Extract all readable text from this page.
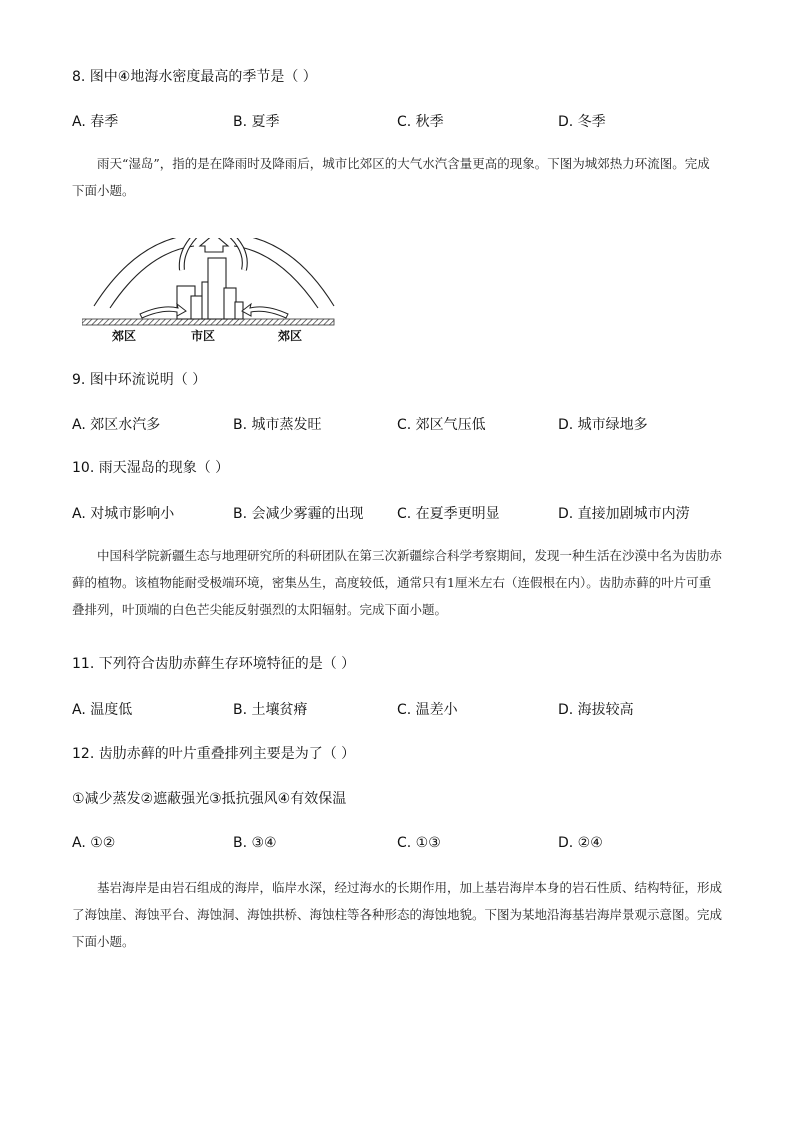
8. 图中④地海水密度最高的季节是（ ）
A. 春季	B. 夏季	C. 秋季	D. 冬季
雨天“湿岛”，指的是在降雨时及降雨后，城市比郊区的大气水汽含量更高的现象。下图为城郊热力环流图。完成下面小题。
郊区	市区	郊区
9. 图中环流说明（ ）
A. 郊区水汽多	B. 城市蒸发旺	C. 郊区气压低	D. 城市绿地多
10. 雨天湿岛的现象（ ）
A. 对城市影响小	B. 会减少雾霾的出现 C. 在夏季更明显	D. 直接加剧城市内涝
中国科学院新疆生态与地理研究所的科研团队在第三次新疆综合科学考察期间，发现一种生活在沙漠中名为齿肋赤藓的植物。该植物能耐受极端环境，密集丛生，高度较低，通常只有1厘米左右（连假根在内）。齿肋赤藓的叶片可重叠排列，叶顶端的白色芒尖能反射强烈的太阳辐射。完成下面小题。
11. 下列符合齿肋赤藓生存环境特征的是（ ）
A. 温度低	B. 土壤贫瘠	C. 温差小	D. 海拔较高
12. 齿肋赤藓的叶片重叠排列主要是为了（ ）
①减少蒸发②遮蔽强光③抵抗强风④有效保温
A. ①②	B. ③④	C. ①③	D. ②④
基岩海岸是由岩石组成的海岸，临岸水深，经过海水的长期作用，加上基岩海岸本身的岩石性质、结构特征，形成了海蚀崖、海蚀平台、海蚀洞、海蚀拱桥、海蚀柱等各种形态的海蚀地貌。下图为某地沿海基岩海岸景观示意图。完成下面小题。
